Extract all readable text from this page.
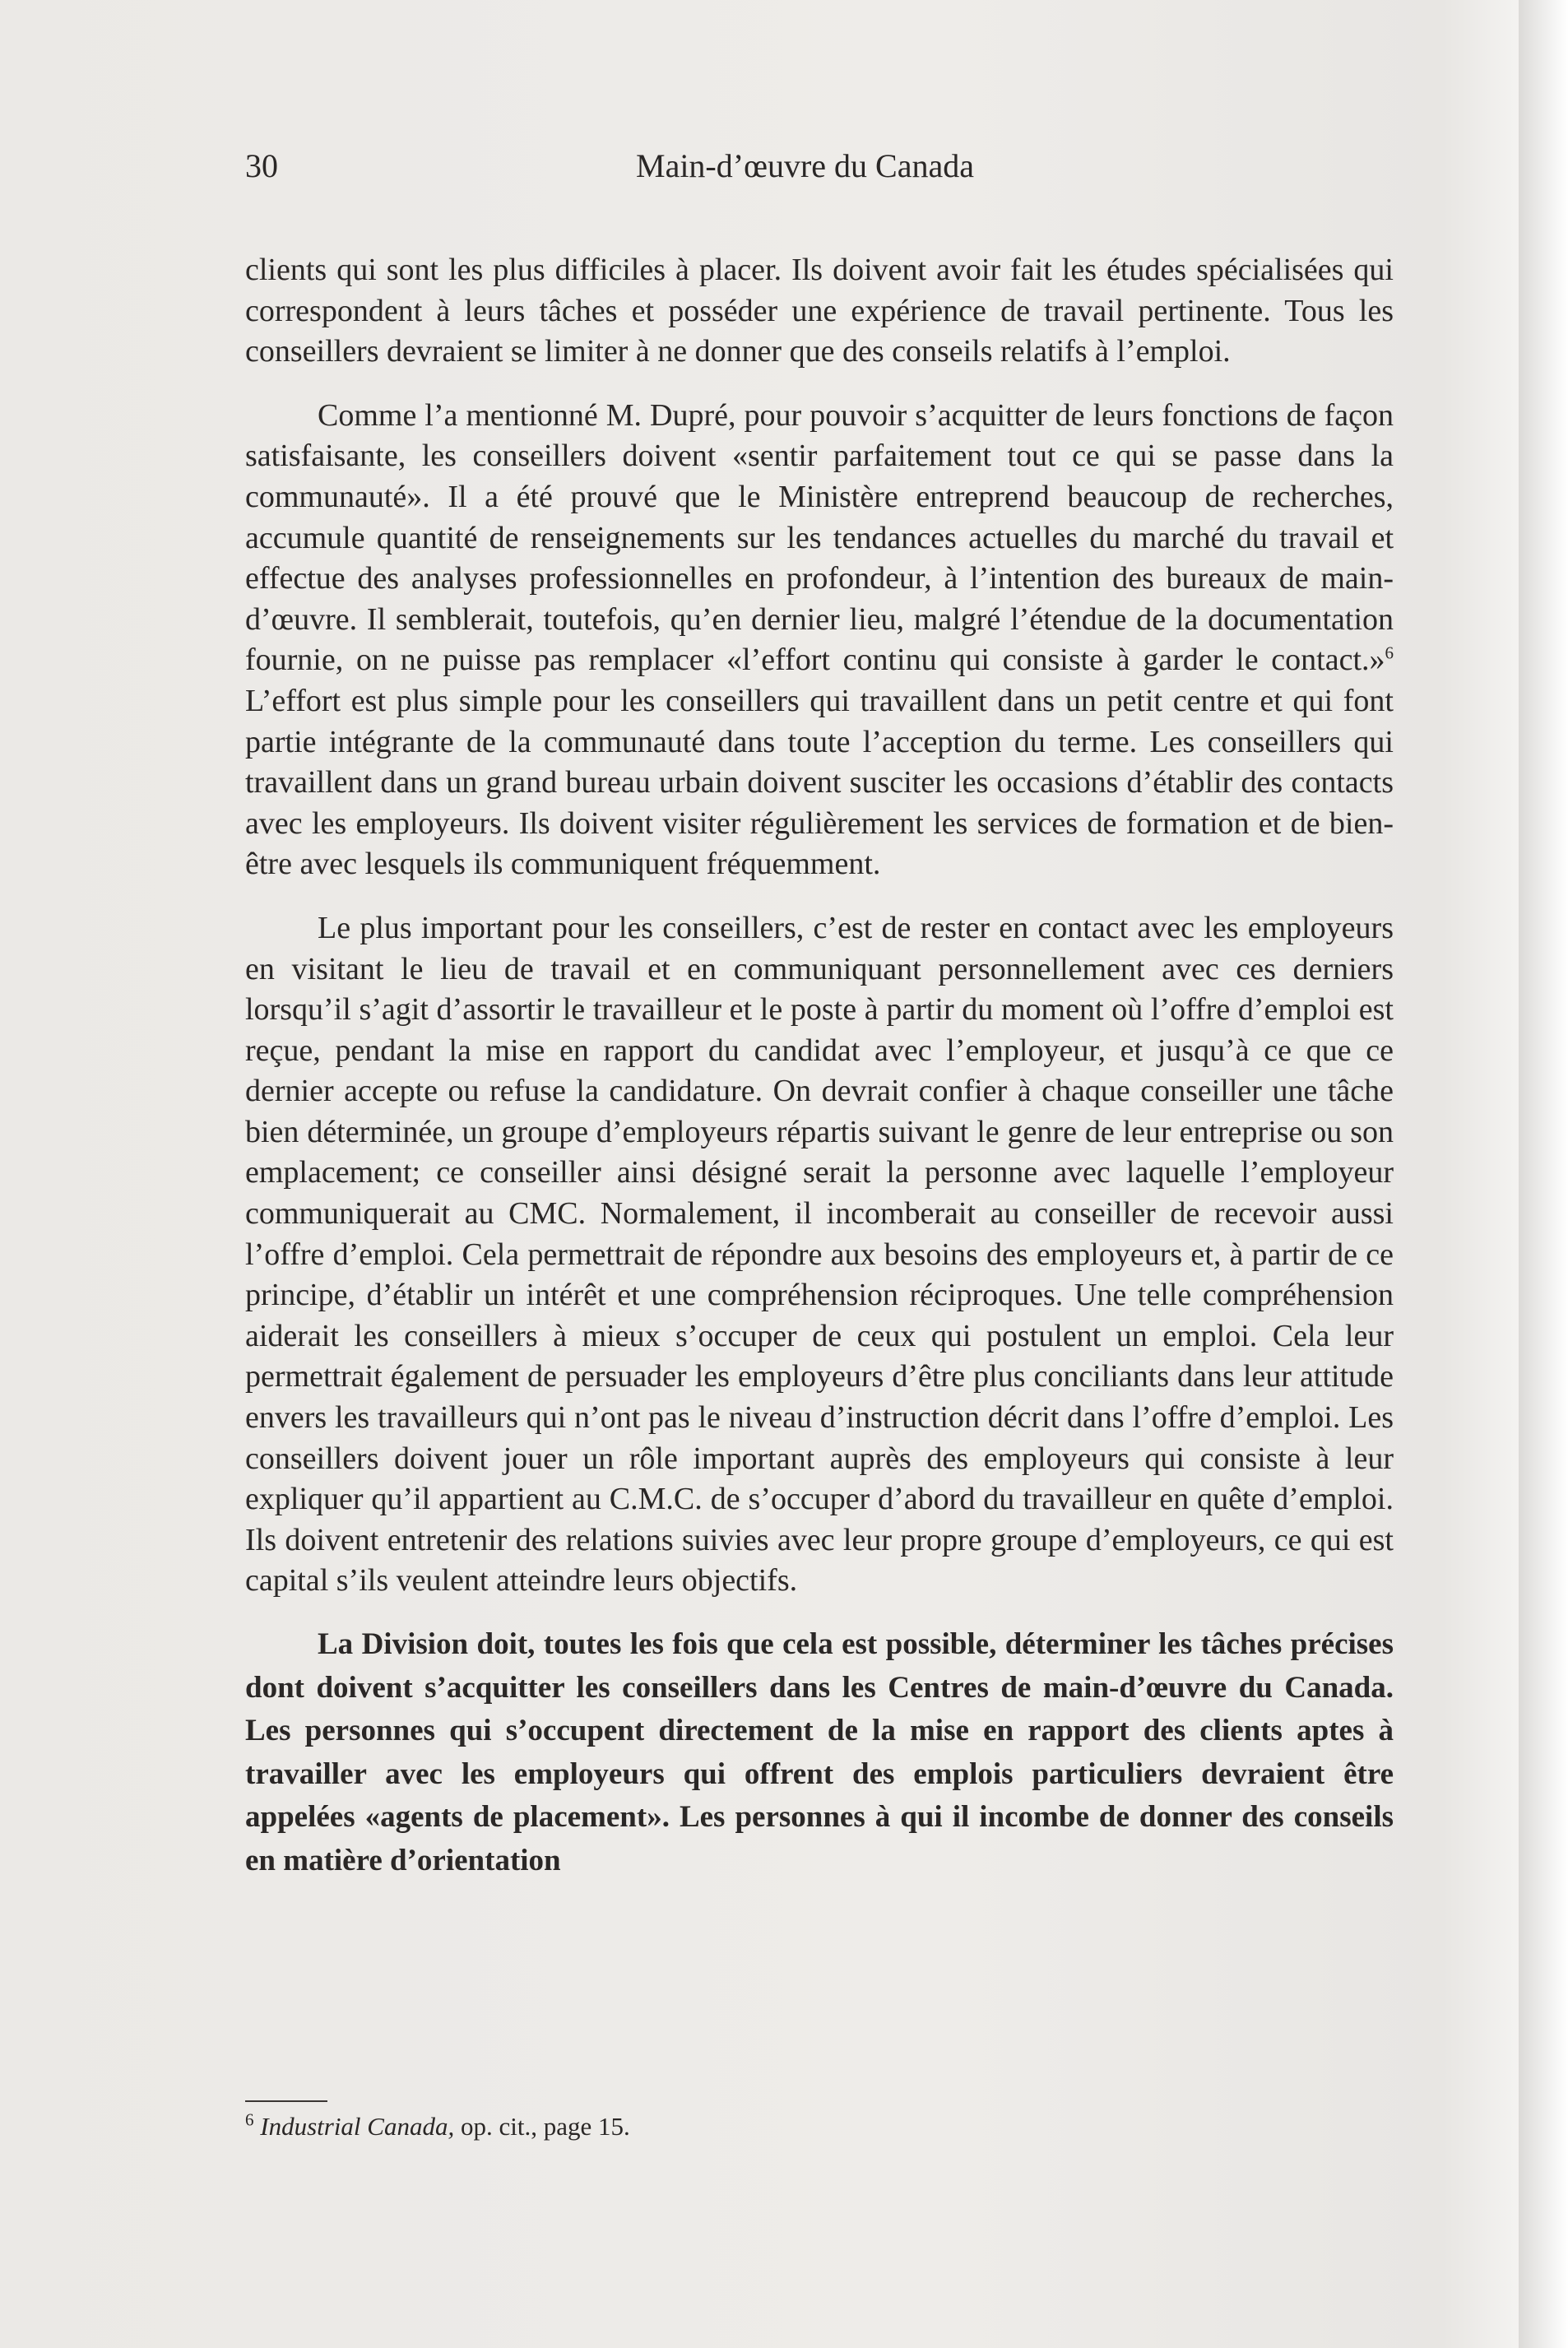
30	Main-d’œuvre du Canada

clients qui sont les plus difficiles à placer. Ils doivent avoir fait les études spécialisées qui correspondent à leurs tâches et posséder une expérience de travail pertinente. Tous les conseillers devraient se limiter à ne donner que des conseils relatifs à l’emploi.

Comme l’a mentionné M. Dupré, pour pouvoir s’acquitter de leurs fonctions de façon satisfaisante, les conseillers doivent «sentir parfaitement tout ce qui se passe dans la communauté». Il a été prouvé que le Ministère entreprend beaucoup de recherches, accumule quantité de renseignements sur les tendances actuelles du marché du travail et effectue des analyses professionnelles en profondeur, à l’intention des bureaux de main-d’œuvre. Il semblerait, toutefois, qu’en dernier lieu, malgré l’étendue de la documentation fournie, on ne puisse pas remplacer «l’effort continu qui consiste à garder le contact.»$^6$ L’effort est plus simple pour les conseillers qui travaillent dans un petit centre et qui font partie intégrante de la communauté dans toute l’acception du terme. Les conseillers qui travaillent dans un grand bureau urbain doivent susciter les occasions d’établir des contacts avec les employeurs. Ils doivent visiter régulièrement les services de formation et de bien-être avec lesquels ils communiquent fréquemment.

Le plus important pour les conseillers, c’est de rester en contact avec les employeurs en visitant le lieu de travail et en communiquant personnellement avec ces derniers lorsqu’il s’agit d’assortir le travailleur et le poste à partir du moment où l’offre d’emploi est reçue, pendant la mise en rapport du candidat avec l’employeur, et jusqu’à ce que ce dernier accepte ou refuse la candidature. On devrait confier à chaque conseiller une tâche bien déterminée, un groupe d’employeurs répartis suivant le genre de leur entreprise ou son emplacement; ce conseiller ainsi désigné serait la personne avec laquelle l’employeur communiquerait au CMC. Normalement, il incomberait au conseiller de recevoir aussi l’offre d’emploi. Cela permettrait de répondre aux besoins des employeurs et, à partir de ce principe, d’établir un intérêt et une compréhension réciproques. Une telle compréhension aiderait les conseillers à mieux s’occuper de ceux qui postulent un emploi. Cela leur permettrait également de persuader les employeurs d’être plus conciliants dans leur attitude envers les travailleurs qui n’ont pas le niveau d’instruction décrit dans l’offre d’emploi. Les conseillers doivent jouer un rôle important auprès des employeurs qui consiste à leur expliquer qu’il appartient au C.M.C. de s’occuper d’abord du travailleur en quête d’emploi. Ils doivent entretenir des relations suivies avec leur propre groupe d’employeurs, ce qui est capital s’ils veulent atteindre leurs objectifs.

La Division doit, toutes les fois que cela est possible, déterminer les tâches précises dont doivent s’acquitter les conseillers dans les Centres de main-d’œuvre du Canada. Les personnes qui s’occupent directement de la mise en rapport des clients aptes à travailler avec les employeurs qui offrent des emplois particuliers devraient être appelées «agents de placement». Les personnes à qui il incombe de donner des conseils en matière d’orientation

$^6$ Industrial Canada, op. cit., page 15.
